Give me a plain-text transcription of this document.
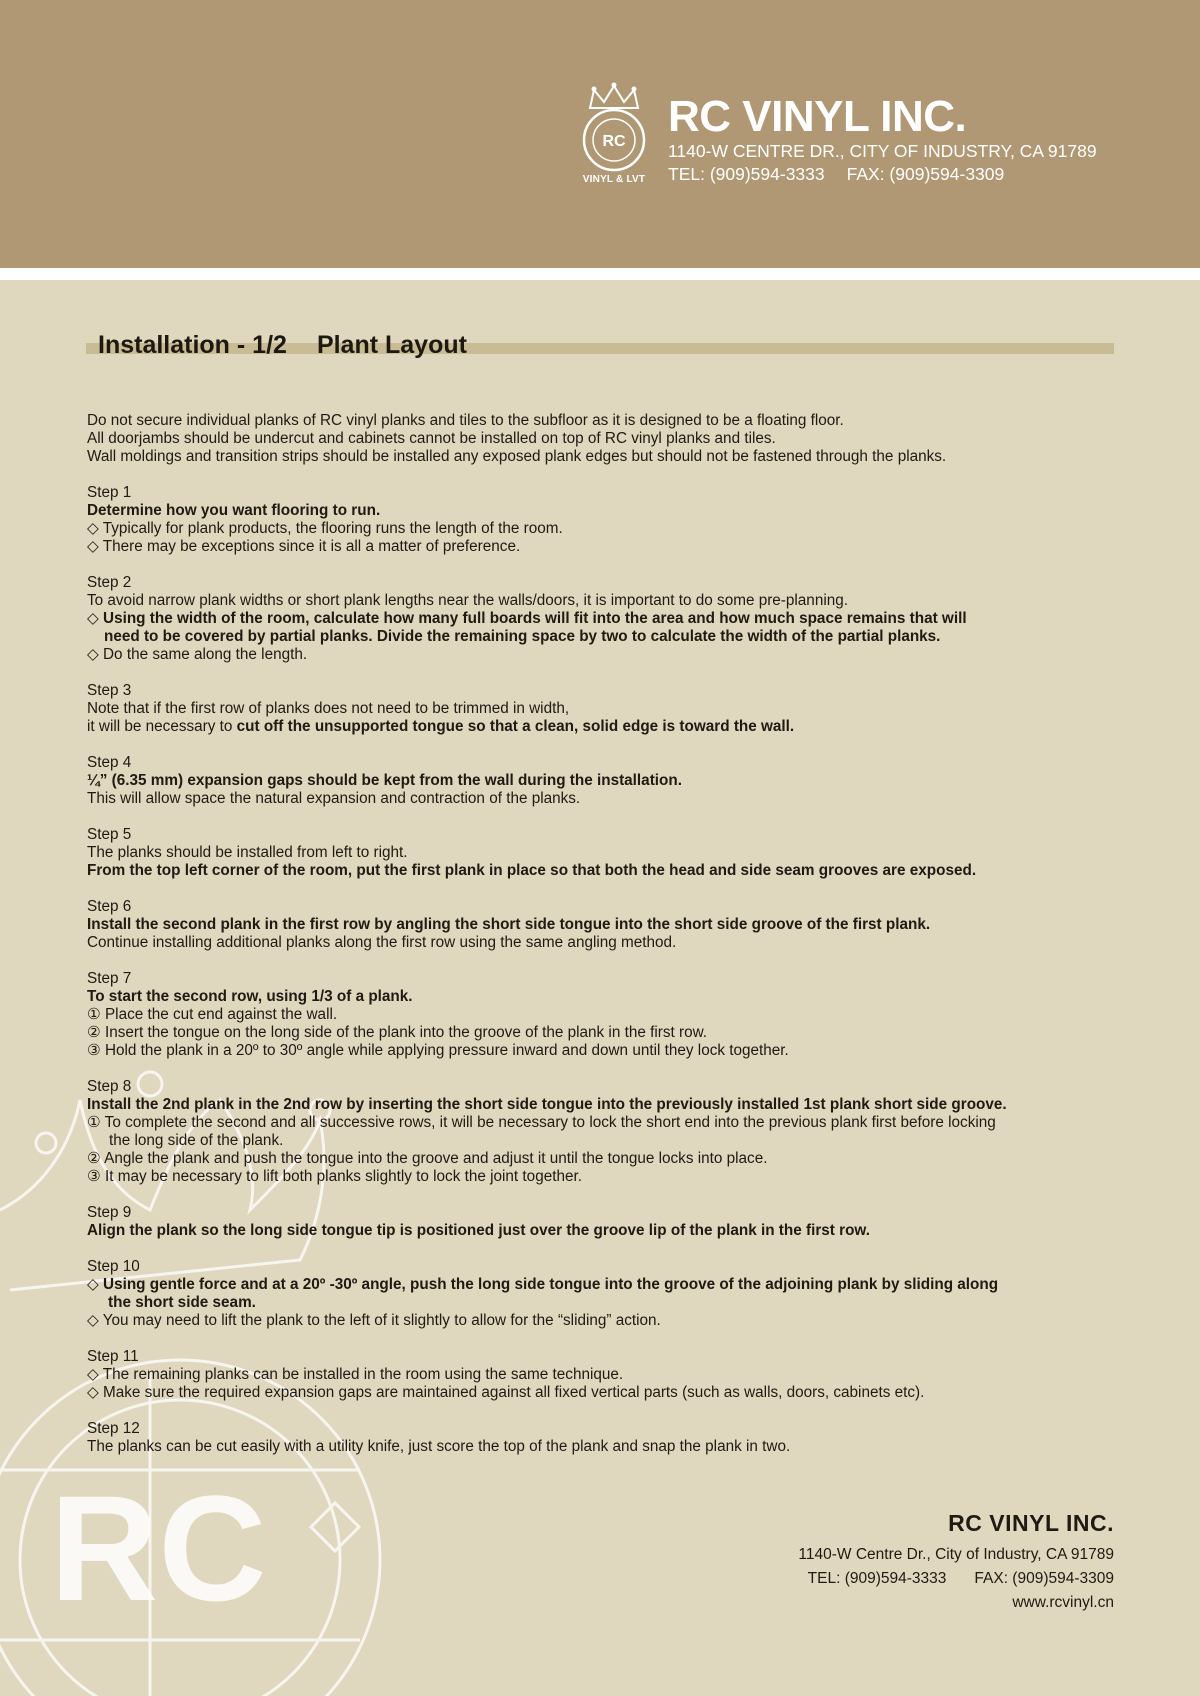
RC
VINYL & LVT
RC VINYL INC.
1140-W CENTRE DR., CITY OF INDUSTRY, CA 91789
TEL: (909)594-3333 FAX: (909)594-3309
RC
Installation - 1/2 Plant Layout

Do not secure individual planks of RC vinyl planks and tiles to the subfloor as it is designed to be a floating floor.

All doorjambs should be undercut and cabinets cannot be installed on top of RC vinyl planks and tiles.

Wall moldings and transition strips should be installed any exposed plank edges but should not be fastened through the planks.

Step 1

Determine how you want flooring to run.

◇ Typically for plank products, the flooring runs the length of the room.

◇ There may be exceptions since it is all a matter of preference.

Step 2

To avoid narrow plank widths or short plank lengths near the walls/doors, it is important to do some pre-planning.

◇ Using the width of the room, calculate how many full boards will fit into the area and how much space remains that will

need to be covered by partial planks. Divide the remaining space by two to calculate the width of the partial planks.

◇ Do the same along the length.

Step 3

Note that if the first row of planks does not need to be trimmed in width,

it will be necessary to cut off the unsupported tongue so that a clean, solid edge is toward the wall.

Step 4

¼” (6.35 mm) expansion gaps should be kept from the wall during the installation.

This will allow space the natural expansion and contraction of the planks.

Step 5

The planks should be installed from left to right.

From the top left corner of the room, put the first plank in place so that both the head and side seam grooves are exposed.

Step 6

Install the second plank in the first row by angling the short side tongue into the short side groove of the first plank.

Continue installing additional planks along the first row using the same angling method.

Step 7

To start the second row, using 1/3 of a plank.

① Place the cut end against the wall.

② Insert the tongue on the long side of the plank into the groove of the plank in the first row.

③ Hold the plank in a 20º to 30º angle while applying pressure inward and down until they lock together.

Step 8

Install the 2nd plank in the 2nd row by inserting the short side tongue into the previously installed 1st plank short side groove.

① To complete the second and all successive rows, it will be necessary to lock the short end into the previous plank first before locking

the long side of the plank.

② Angle the plank and push the tongue into the groove and adjust it until the tongue locks into place.

③ It may be necessary to lift both planks slightly to lock the joint together.

Step 9

Align the plank so the long side tongue tip is positioned just over the groove lip of the plank in the first row.

Step 10

◇ Using gentle force and at a 20º -30º angle, push the long side tongue into the groove of the adjoining plank by sliding along

the short side seam.

◇ You may need to lift the plank to the left of it slightly to allow for the “sliding” action.

Step 11

◇ The remaining planks can be installed in the room using the same technique.

◇ Make sure the required expansion gaps are maintained against all fixed vertical parts (such as walls, doors, cabinets etc).

Step 12

The planks can be cut easily with a utility knife, just score the top of the plank and snap the plank in two.

RC VINYL INC.
1140-W Centre Dr., City of Industry, CA 91789
TEL: (909)594-3333 FAX: (909)594-3309
www.rcvinyl.cn
